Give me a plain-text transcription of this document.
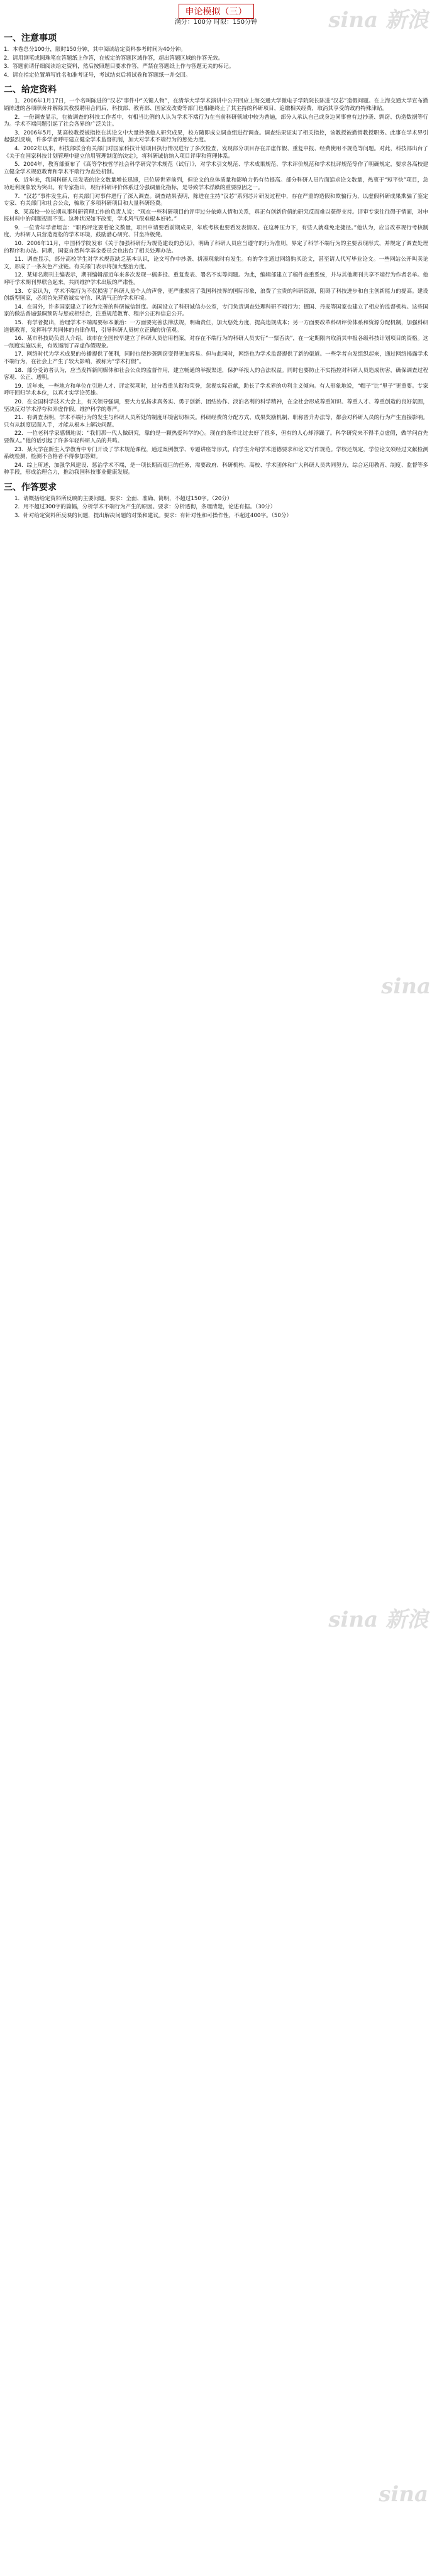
sina 新浪
sina
sina 新浪
sina
申论模拟（三）
满分：100分 时限：150分钟
一、注意事项
1．本卷总分100分，限时150分钟，其中阅读给定资料参考时间为40分钟。
2．请用钢笔或圆珠笔在答题纸上作答，在规定的答题区域作答，超出答题区域的作答无效。
3．答题前请仔细阅读给定资料，然后按照题目要求作答，严禁在答题纸上作与答题无关的标记。
4．请在指定位置填写姓名和准考证号，考试结束后将试卷和答题纸一并交回。
二、给定资料
1．2006年1月17日，一个名叫陈进的“汉芯”事件中“关键人物”，在清华大学学术演讲中公开回应上海交通大学微电子学院院长陈进“汉芯”造假问题。在上海交通大学宣布撤销陈进的各项职务并解除其教授聘用合同后，科技部、教育部、国家发改委等部门也相继终止了其主持的科研项目，追缴相关经费，取消其享受的政府特殊津贴。
2．一份调查显示，在被调查的科技工作者中，有相当比例的人认为学术不端行为在当前科研领域中较为普遍，部分人承认自己或身边同事曾有过抄袭、剽窃、伪造数据等行为。学术不端问题引起了社会各界的广泛关注。
3．2006年5月，某高校教授被指控在其论文中大量抄袭他人研究成果，校方随即成立调查组进行调查。调查结果证实了相关指控，该教授被撤销教授职务。此事在学术界引起强烈反响，许多学者呼吁建立健全学术监督机制，加大对学术不端行为的惩处力度。
4．2002年以来，科技部联合有关部门对国家科技计划项目执行情况进行了多次检查，发现部分项目存在弄虚作假、重复申报、经费使用不规范等问题。对此，科技部出台了《关于在国家科技计划管理中建立信用管理制度的决定》，将科研诚信纳入项目评审和管理体系。
5．2004年，教育部颁布了《高等学校哲学社会科学研究学术规范（试行）》，对学术引文规范、学术成果规范、学术评价规范和学术批评规范等作了明确规定，要求各高校建立健全学术规范教育和学术不端行为查处机制。
6．近年来，我国科研人员发表的论文数量增长迅速，已位居世界前列，但论文的总体质量和影响力仍有待提高。部分科研人员片面追求论文数量，热衷于“短平快”项目，急功近利现象较为突出。有专家指出，现行科研评价体系过分强调量化指标，是导致学术浮躁的重要原因之一。
7．“汉芯”事件发生后，有关部门对事件进行了深入调查。调查结果表明，陈进在主持“汉芯”系列芯片研发过程中，存在严重的造假和欺骗行为，以虚假科研成果欺骗了鉴定专家、有关部门和社会公众，骗取了多项科研项目和大量科研经费。
8．某高校一位长期从事科研管理工作的负责人说：“现在一些科研项目的评审过分依赖人情和关系，真正有创新价值的研究反而难以获得支持。评审专家往往碍于情面，对申报材料中的问题视而不见。这种状况如不改变，学术风气很难根本好转。”
9．一位青年学者坦言：“职称评定要看论文数量，项目申请要看前期成果，年底考核也要看发表情况。在这种压力下，有些人就难免走捷径。”他认为，应当改革现行考核制度，为科研人员营造宽松的学术环境，鼓励潜心研究、甘坐冷板凳。
10．2006年11月，中国科学院发布《关于加强科研行为规范建设的意见》，明确了科研人员应当遵守的行为准则，界定了科学不端行为的主要表现形式，并规定了调查处理的程序和办法。同期，国家自然科学基金委员会也出台了相关处理办法。
11．调查显示，部分高校学生对学术规范缺乏基本认识，论文写作中抄袭、拼凑现象时有发生。有的学生通过网络购买论文，甚至请人代写毕业论文。一些网站公开叫卖论文，形成了一条灰色产业链。有关部门表示将加大整治力度。
12．某知名期刊主编表示，期刊编辑部近年来多次发现一稿多投、重复发表、署名不实等问题。为此，编辑部建立了稿件查重系统，并与其他期刊共享不端行为作者名单。他呼吁学术期刊界联合起来，共同维护学术出版的严肃性。
13．专家认为，学术不端行为不仅损害了科研人员个人的声誉，更严重损害了我国科技界的国际形象，浪费了宝贵的科研资源，阻碍了科技进步和自主创新能力的提高。建设创新型国家，必须首先营造诚实守信、风清气正的学术环境。
14．在国外，许多国家建立了较为完善的科研诚信制度。美国设立了科研诚信办公室，专门负责调查处理科研不端行为；德国、丹麦等国家也建立了相应的监督机构。这些国家的做法普遍强调预防与惩戒相结合，注重规范教育、程序公正和信息公开。
15．有学者提出，治理学术不端需要标本兼治：一方面要完善法律法规，明确责任，加大惩处力度，提高违规成本；另一方面要改革科研评价体系和资源分配机制，加强科研道德教育，发挥科学共同体的自律作用，引导科研人员树立正确的价值观。
16．某市科技局负责人介绍，该市在全国较早建立了科研人员信用档案，对存在不端行为的科研人员实行“一票否决”，在一定期限内取消其申报各级科技计划项目的资格。这一制度实施以来，有效遏制了弄虚作假现象。
17．网络时代为学术成果的传播提供了便利，同时也使抄袭剽窃变得更加容易。但与此同时，网络也为学术监督提供了新的渠道。一些学者自发组织起来，通过网络揭露学术不端行为，在社会上产生了较大影响，被称为“学术打假”。
18．部分受访者认为，应当发挥新闻媒体和社会公众的监督作用，建立畅通的举报渠道，保护举报人的合法权益。同时也要防止不实指控对科研人员造成伤害，确保调查过程客观、公正、透明。
19．近年来，一些地方和单位在引进人才、评定奖项时，过分看重头衔和荣誉，忽视实际贡献，助长了学术界的功利主义倾向。有人形象地说，“帽子”比“里子”更重要。专家呼吁回归学术本位，以真才实学论英雄。
20．在全国科学技术大会上，有关领导强调，要大力弘扬求真务实、勇于创新、团结协作、淡泊名利的科学精神，在全社会形成尊重知识、尊重人才、尊重创造的良好氛围，坚决反对学术浮夸和弄虚作假，维护科学的尊严。
21．有调查表明，学术不端行为的发生与科研人员所处的制度环境密切相关。科研经费的分配方式、成果奖励机制、职称晋升办法等，都会对科研人员的行为产生直接影响。只有从制度层面入手，才能从根本上解决问题。
22．一位老科学家感慨地说：“我们那一代人做研究，靠的是一颗热爱科学的心。现在的条件比过去好了很多，但有的人心却浮躁了。科学研究来不得半点虚假，做学问首先要做人。”他的话引起了许多年轻科研人员的共鸣。
23．某大学在新生入学教育中专门开设了学术规范课程，通过案例教学、专题讲座等形式，向学生介绍学术道德要求和论文写作规范。学校还规定，学位论文须经过文献检测系统检测，检测不合格者不得参加答辩。
24．综上所述，加强学风建设、惩治学术不端，是一项长期而艰巨的任务，需要政府、科研机构、高校、学术团体和广大科研人员共同努力，综合运用教育、制度、监督等多种手段，形成治理合力，推动我国科技事业健康发展。
三、作答要求
1．请概括给定资料所反映的主要问题。要求：全面、准确、简明，不超过150字。（20分）
2．用不超过300字的篇幅，分析学术不端行为产生的原因。要求：分析透彻，条理清楚，论述有据。（30分）
3．针对给定资料所反映的问题，提出解决问题的对策和建议。要求：有针对性和可操作性，不超过400字。（50分）
